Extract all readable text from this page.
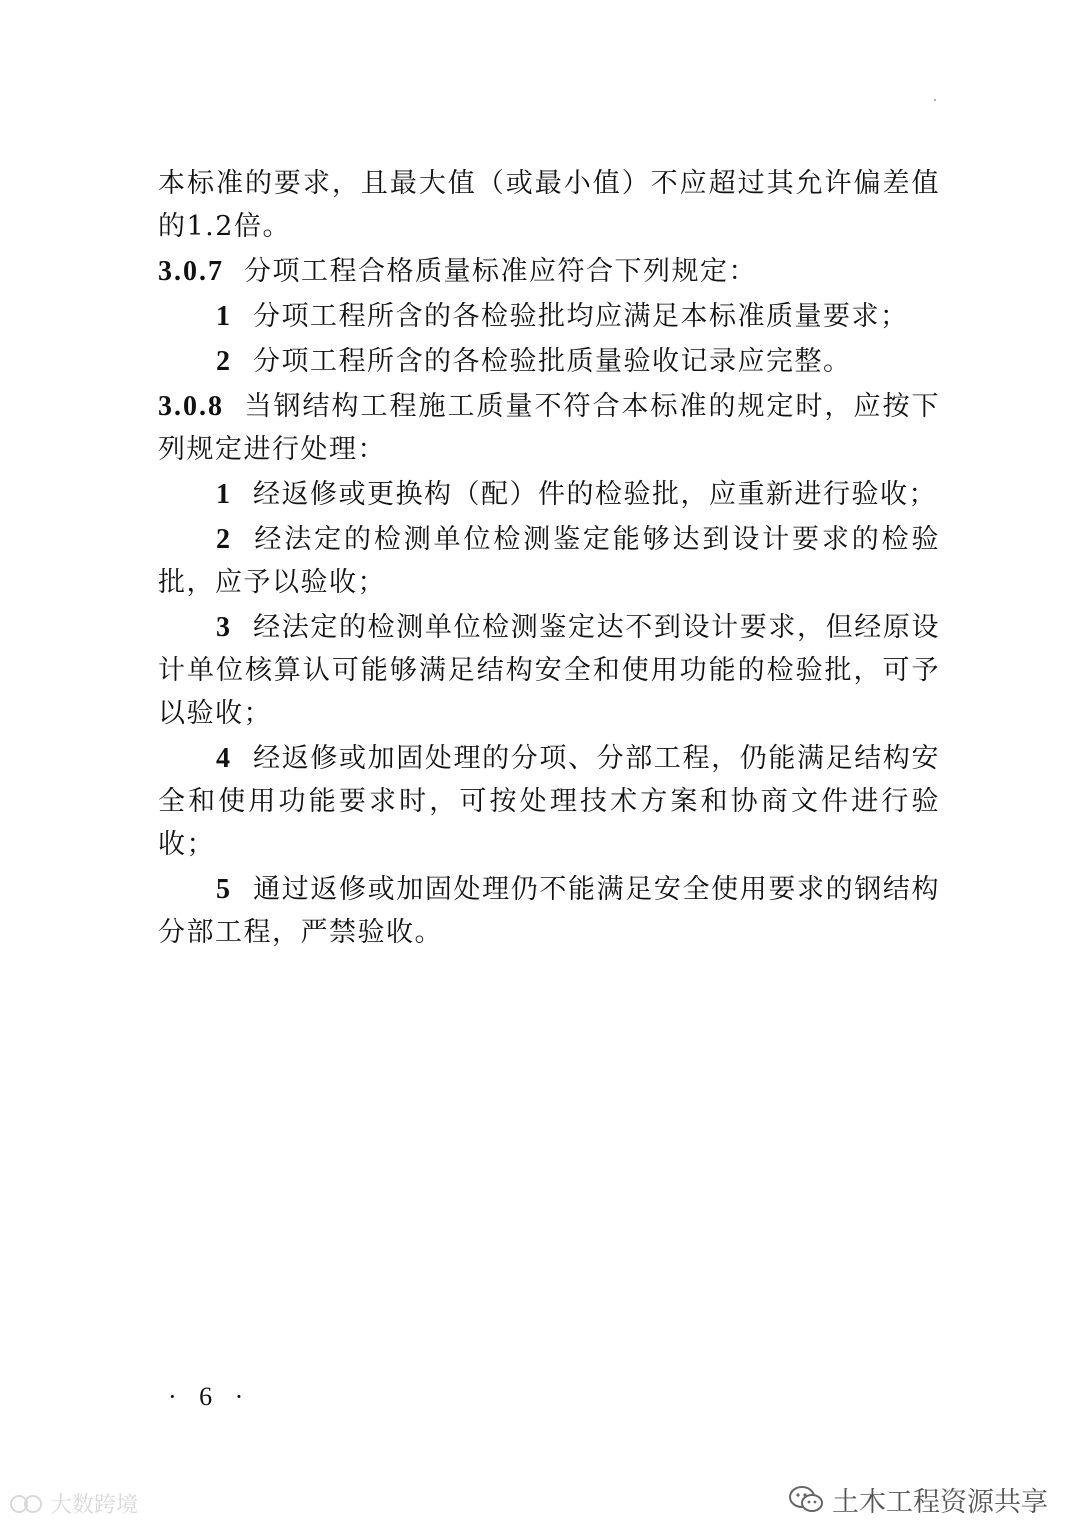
本标准的要求，且最大值（或最小值）不应超过其允许偏差值的1.2倍。

3.0.7 分项工程合格质量标准应符合下列规定：

1 分项工程所含的各检验批均应满足本标准质量要求；

2 分项工程所含的各检验批质量验收记录应完整。

3.0.8 当钢结构工程施工质量不符合本标准的规定时，应按下列规定进行处理：

1 经返修或更换构（配）件的检验批，应重新进行验收；

2 经法定的检测单位检测鉴定能够达到设计要求的检验批，应予以验收；

3 经法定的检测单位检测鉴定达不到设计要求，但经原设计单位核算认可能够满足结构安全和使用功能的检验批，可予以验收；

4 经返修或加固处理的分项、分部工程，仍能满足结构安全和使用功能要求时，可按处理技术方案和协商文件进行验收；

5 通过返修或加固处理仍不能满足安全使用要求的钢结构分部工程，严禁验收。

· 6 ·
大数跨境	土木工程资源共享
